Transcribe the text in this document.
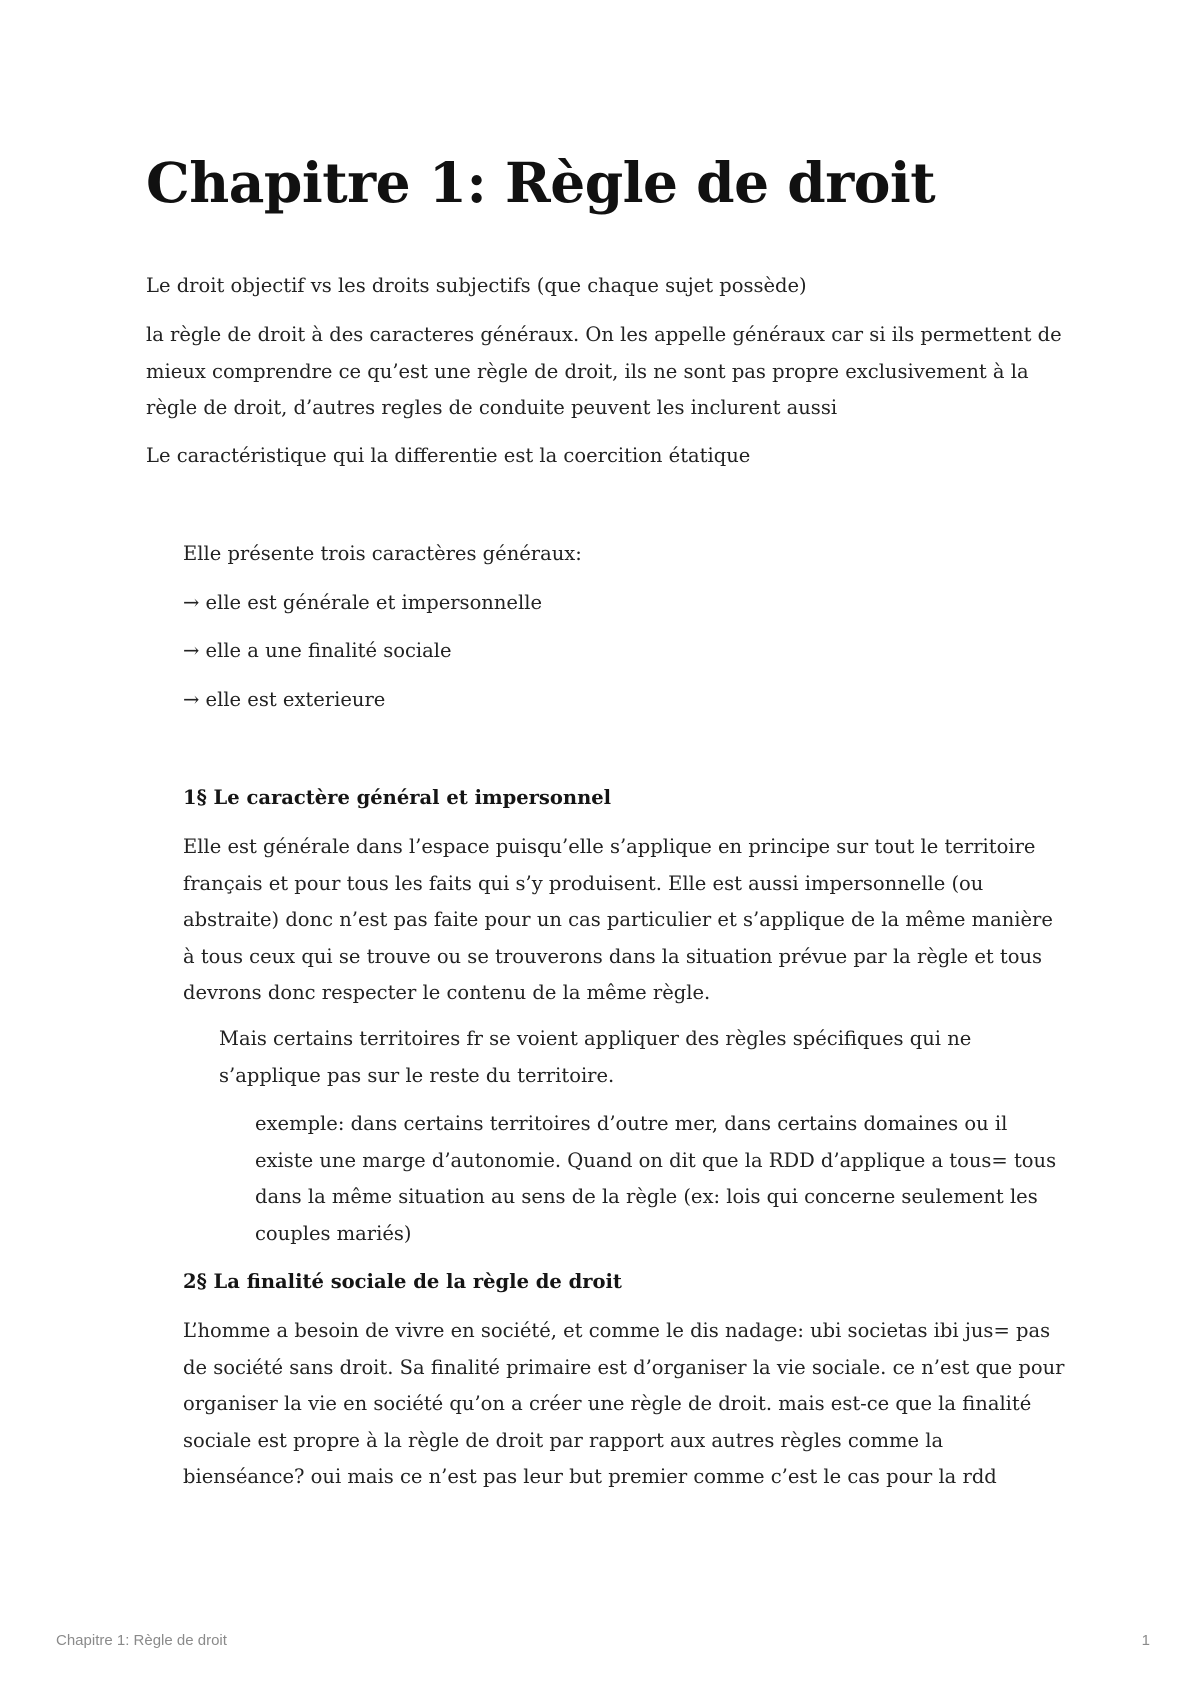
Chapitre 1: Règle de droit

Le droit objectif vs les droits subjectifs (que chaque sujet possède)

la règle de droit à des caracteres généraux. On les appelle généraux car si ils permettent de mieux comprendre ce qu’est une règle de droit, ils ne sont pas propre exclusivement à la règle de droit, d’autres regles de conduite peuvent les inclurent aussi

Le caractéristique qui la differentie est la coercition étatique

Elle présente trois caractères généraux:

→ elle est générale et impersonnelle

→ elle a une finalité sociale

→ elle est exterieure

1§ Le caractère général et impersonnel

Elle est générale dans l’espace puisqu’elle s’applique en principe sur tout le territoire français et pour tous les faits qui s’y produisent. Elle est aussi impersonnelle (ou abstraite) donc n’est pas faite pour un cas particulier et s’applique de la même manière à tous ceux qui se trouve ou se trouverons dans la situation prévue par la règle et tous devrons donc respecter le contenu de la même règle.

Mais certains territoires fr se voient appliquer des règles spécifiques qui ne s’applique pas sur le reste du territoire.

exemple: dans certains territoires d’outre mer, dans certains domaines ou il existe une marge d’autonomie. Quand on dit que la RDD d’applique a tous= tous dans la même situation au sens de la règle (ex: lois qui concerne seulement les couples mariés)

2§ La finalité sociale de la règle de droit

L’homme a besoin de vivre en société, et comme le dis nadage: ubi societas ibi jus= pas de société sans droit. Sa finalité primaire est d’organiser la vie sociale. ce n’est que pour organiser la vie en société qu’on a créer une règle de droit. mais est-ce que la finalité sociale est propre à la règle de droit par rapport aux autres règles comme la bienséance? oui mais ce n’est pas leur but premier comme c’est le cas pour la rdd

Chapitre 1: Règle de droit	1
